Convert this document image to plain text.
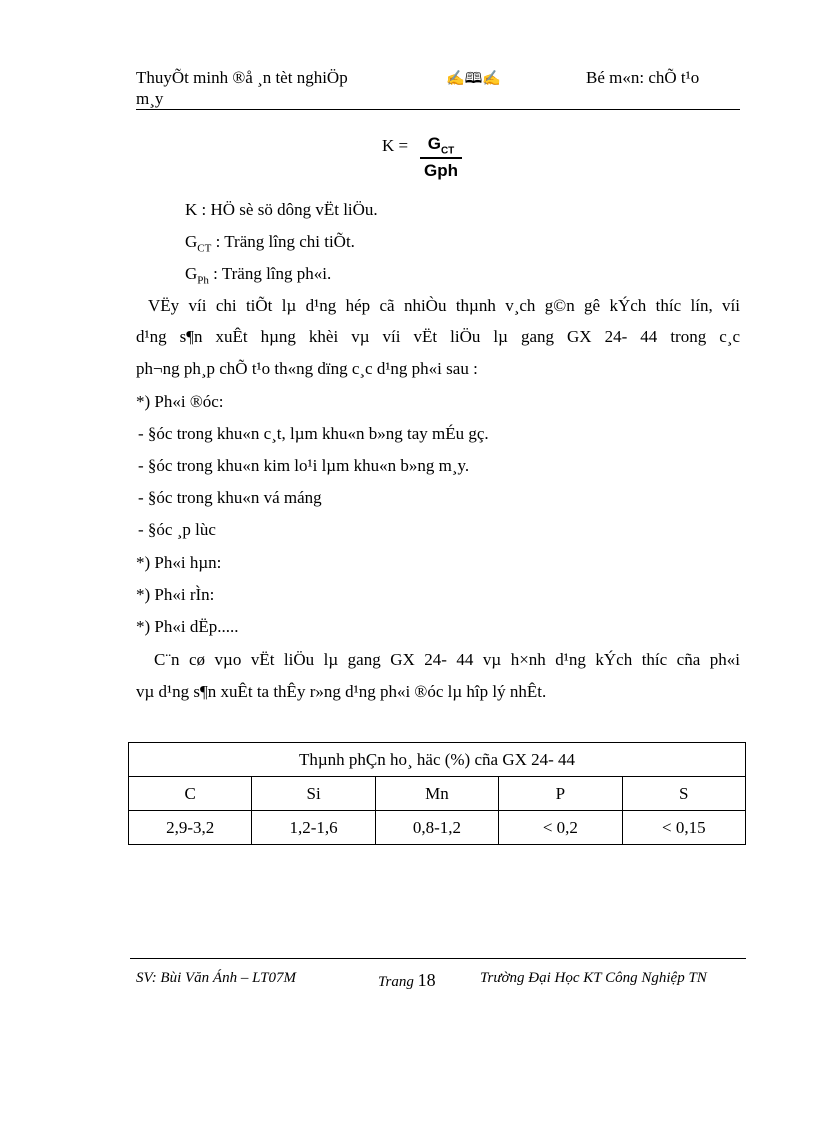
ThuyÕt minh ®å ¸n tèt nghiÖp	✍🕮✍	Bé m«n: chÕ t¹o
m¸y
K =	$G_{CT}$
Gph
K : HÖ sè sö dông vËt liÖu.
$G_{CT}$ : Träng lîng chi tiÕt.
$G_{Ph}$ : Träng lîng ph«i.
VËy víi chi tiÕt lµ d¹ng hép cã nhiÒu thµnh v¸ch g©n gê kÝch thíc lín, víi
d¹ng s¶n xuÊt hµng khèi vµ víi vËt liÖu lµ gang GX 24- 44 trong c¸c
ph¬ng ph¸p chÕ t¹o th«ng dïng c¸c d¹ng ph«i sau :
*) Ph«i ®óc:
- §óc trong khu«n c¸t, lµm khu«n b»ng tay mÉu gç.
- §óc trong khu«n kim lo¹i lµm khu«n b»ng m¸y.
- §óc trong khu«n vá máng
- §óc ¸p lùc
*) Ph«i hµn:
*) Ph«i rÌn:
*) Ph«i dËp.....
C¨n cø vµo vËt liÖu lµ gang GX 24- 44 vµ h×nh d¹ng kÝch thíc cña ph«i
vµ d¹ng s¶n xuÊt ta thÊy r»ng d¹ng ph«i ®óc lµ hîp lý nhÊt.
Thµnh phÇn ho¸ häc (%) cña GX 24- 44				
C	Si	Mn	P	S
2,9-3,2	1,2-1,6	0,8-1,2	< 0,2	< 0,15
SV: Bùi Văn Ánh – LT07M	Trang 18	Trường Đại Học KT Công Nghiệp TN
